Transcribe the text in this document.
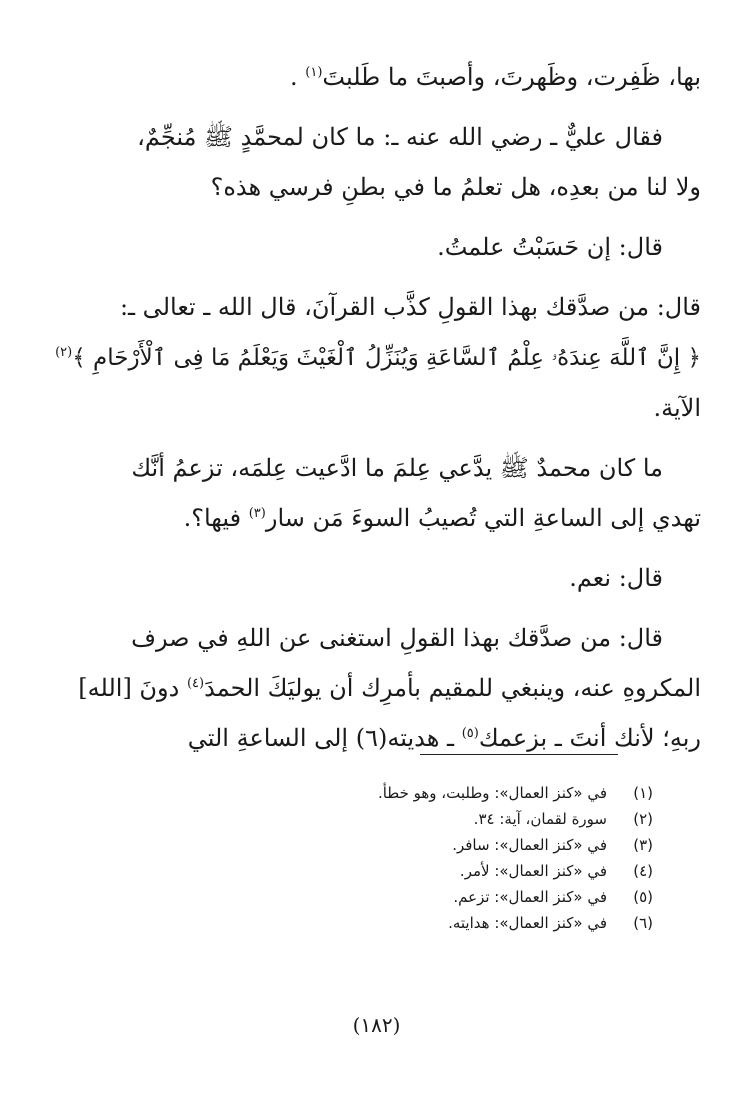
بها، ظَفِرت، وظَهرتَ، وأصبتَ ما طَلبتَ$^{(١)}$ .

فقال عليٌّ ـ رضي الله عنه ـ: ما كان لمحمَّدٍ ﷺ مُنجِّمٌ،
ولا لنا من بعدِه، هل تعلمُ ما في بطنِ فرسي هذه؟

قال: إن حَسَبْتُ علمتُ.

قال: من صدَّقك بهذا القولِ كذَّب القرآنَ، قال الله ـ تعالى ـ:
﴿ إِنَّ ٱللَّهَ عِندَهُۥ عِلْمُ ٱلسَّاعَةِ وَيُنَزِّلُ ٱلْغَيْثَ وَيَعْلَمُ مَا فِى ٱلْأَرْحَامِ ﴾$^{(٢)}$
الآية.

ما كان محمدٌ ﷺ يدَّعي عِلمَ ما ادَّعيت عِلمَه، تزعمُ أنَّك
تهدي إلى الساعةِ التي تُصيبُ السوءَ مَن سار$^{(٣)}$ فيها؟.

قال: نعم.

قال: من صدَّقك بهذا القولِ استغنى عن اللهِ في صرف
المكروهِ عنه، وينبغي للمقيم بأمرِك أن يوليَكَ الحمدَ$^{(٤)}$ دونَ [الله]
ربهِ؛ لأنك أنتَ ـ بزعمك$^{(٥)}$ ـ هديته(٦) إلى الساعةِ التي

(١)في «كنز العمال»: وطلبت، وهو خطأ.
(٢)سورة لقمان، آية: ٣٤.
(٣)في «كنز العمال»: سافر.
(٤)في «كنز العمال»: لأمر.
(٥)في «كنز العمال»: تزعم.
(٦)في «كنز العمال»: هدايته.
(١٨٢)
